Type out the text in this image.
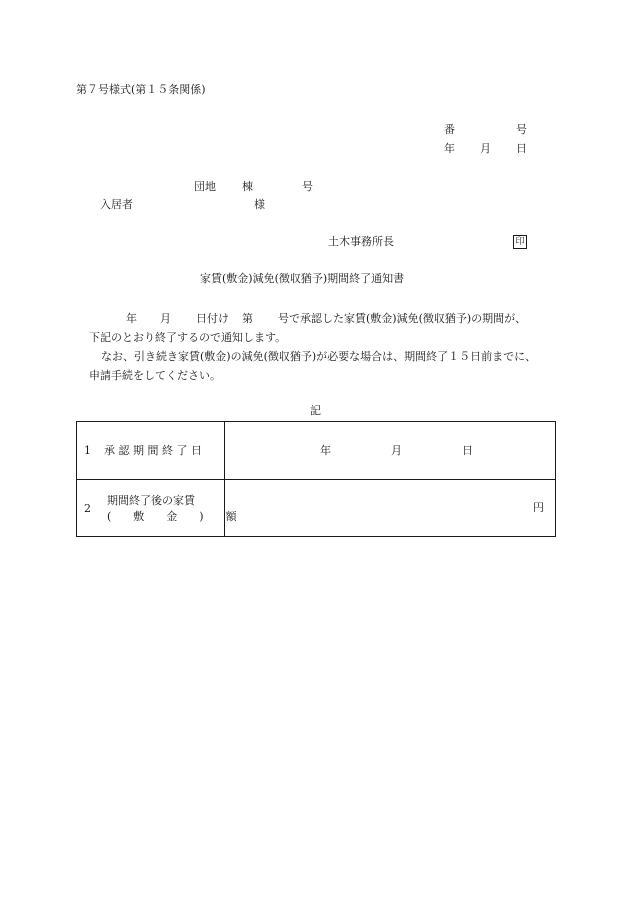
第７号様式(第１５条関係)
番	号
年 月 日
団地 棟	号
入居者	様
土木事務所長	印
家賃(敷金)減免(徴収猶予)期間終了通知書
年 月 日付け 第 号で承認した家賃(敷金)減免(徴収猶予)の期間が、
下記のとおり終了するので通知します。
なお、引き続き家賃(敷金)の減免(徴収猶予)が必要な場合は、期間終了１５日前までに、
申請手続をしてください。
記
1 承 認 期 間 終 了 日	年 月 日

2
期間終了後の家賃
(　　敷　　金　　)　　額	円
